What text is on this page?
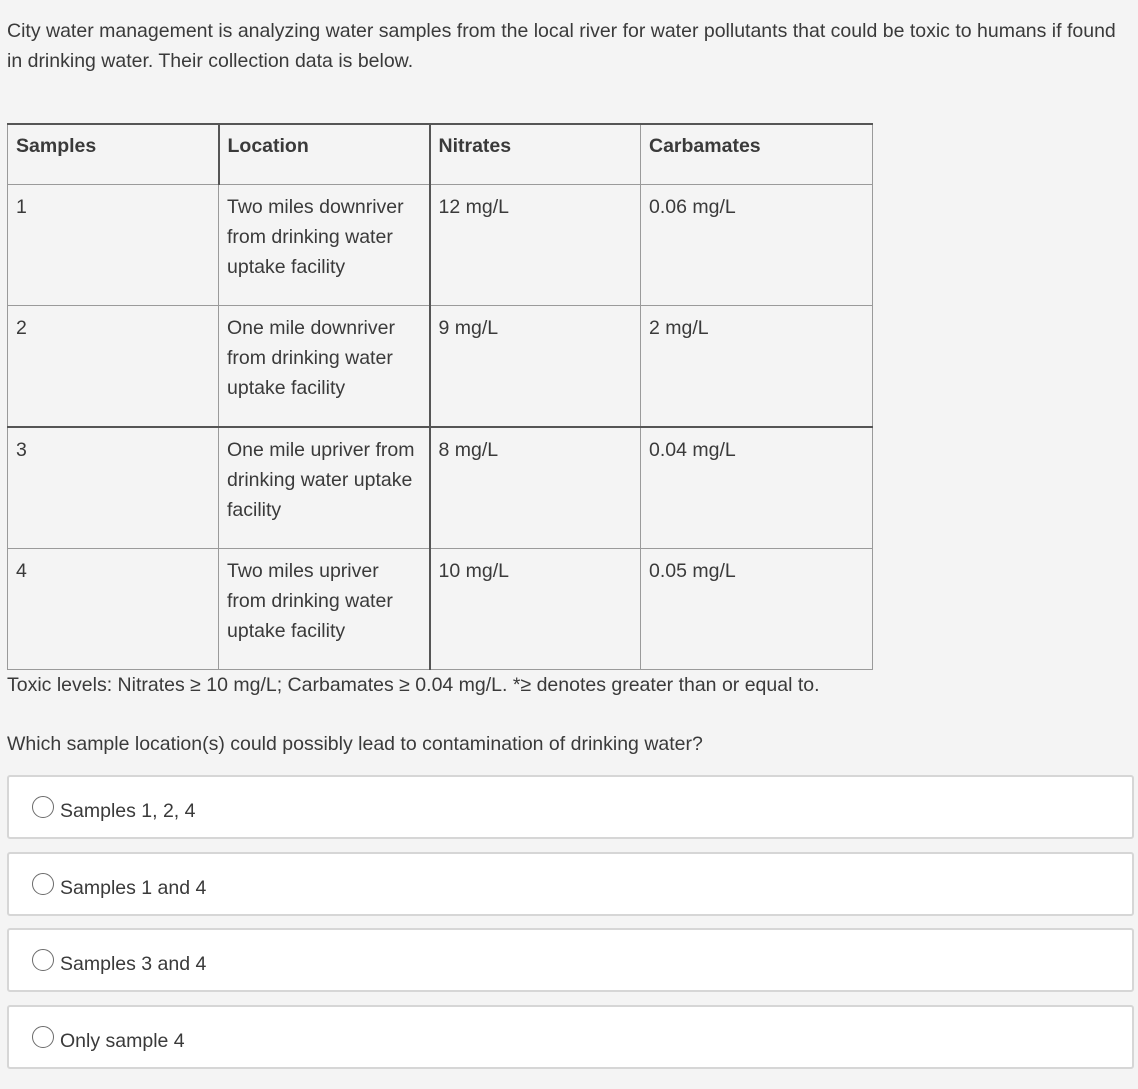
City water management is analyzing water samples from the local river for water pollutants that could be toxic to humans if found in drinking water. Their collection data is below.
Samples	Location	Nitrates	Carbamates
1	Two miles downriver from drinking water uptake facility	12 mg/L	0.06 mg/L
2	One mile downriver from drinking water uptake facility	9 mg/L	2 mg/L
3	One mile upriver from drinking water uptake facility	8 mg/L	0.04 mg/L
4	Two miles upriver from drinking water uptake facility	10 mg/L	0.05 mg/L
Toxic levels: Nitrates ≥ 10 mg/L; Carbamates ≥ 0.04 mg/L. *≥ denotes greater than or equal to.
Which sample location(s) could possibly lead to contamination of drinking water?
Samples 1, 2, 4
Samples 1 and 4
Samples 3 and 4
Only sample 4
